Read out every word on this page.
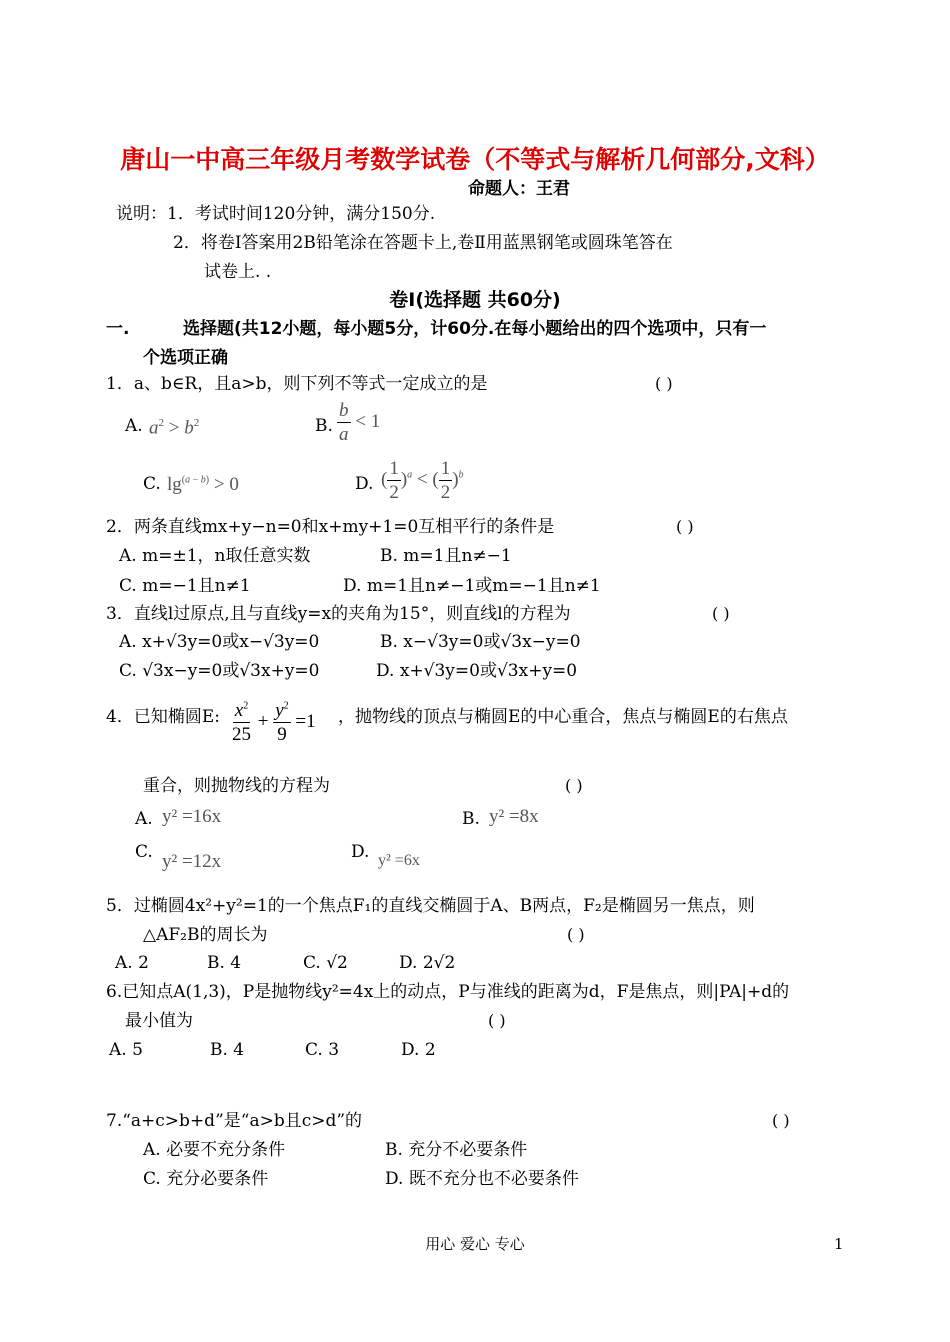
唐山一中高三年级月考数学试卷（不等式与解析几何部分,文科）
命题人：王君
说明：1．考试时间120分钟，满分150分.
2．将卷Ⅰ答案用2B铅笔涂在答题卡上,卷Ⅱ用蓝黑钢笔或圆珠笔答在
试卷上. .
卷Ⅰ(选择题 共60分)
一.	选择题(共12小题，每小题5分，计60分.在每小题给出的四个选项中，只有一
个选项正确
1．a、b∈R，且a>b，则下列不等式一定成立的是	( )
A. $a^2 > b^2$	B. $\frac{b}{a} < 1$
C. $\lg^{(a - b)} > 0$	D. ( $\frac{1}{2} )^a$ < ( $\frac{1}{2} )^b$
2．两条直线mx+y−n=0和x+my+1=0互相平行的条件是	( )
A. m=±1，n取任意实数	B. m=1且n≠−1
C. m=−1且n≠1	D. m=1且n≠−1或m=−1且n≠1
3．直线l过原点,且与直线y=x的夹角为15°，则直线l的方程为	( )
A. x+√3y=0或x−√3y=0	B. x−√3y=0或√3x−y=0
C. √3x−y=0或√3x+y=0	D. x+√3y=0或√3x+y=0
4．已知椭圆E: $\frac{x^2}{25} + \frac{y^2}{9} =1$ ，抛物线的顶点与椭圆E的中心重合，焦点与椭圆E的右焦点
重合，则抛物线的方程为	( )
A. y² =16x	B. y² =8x
C. y² =12x	D. y² =6x
5．过椭圆4x²+y²=1的一个焦点F₁的直线交椭圆于A、B两点，F₂是椭圆另一焦点，则
△AF₂B的周长为	( )
A. 2	B. 4	C. √2	D. 2√2
6.已知点A(1,3)，P是抛物线y²=4x上的动点，P与准线的距离为d，F是焦点，则|PA|+d的
最小值为	( )
A. 5	B. 4	C. 3	D. 2
7.“a+c>b+d”是“a>b且c>d”的	( )
A. 必要不充分条件	B. 充分不必要条件
C. 充分必要条件	D. 既不充分也不必要条件
用心 爱心 专心	1
